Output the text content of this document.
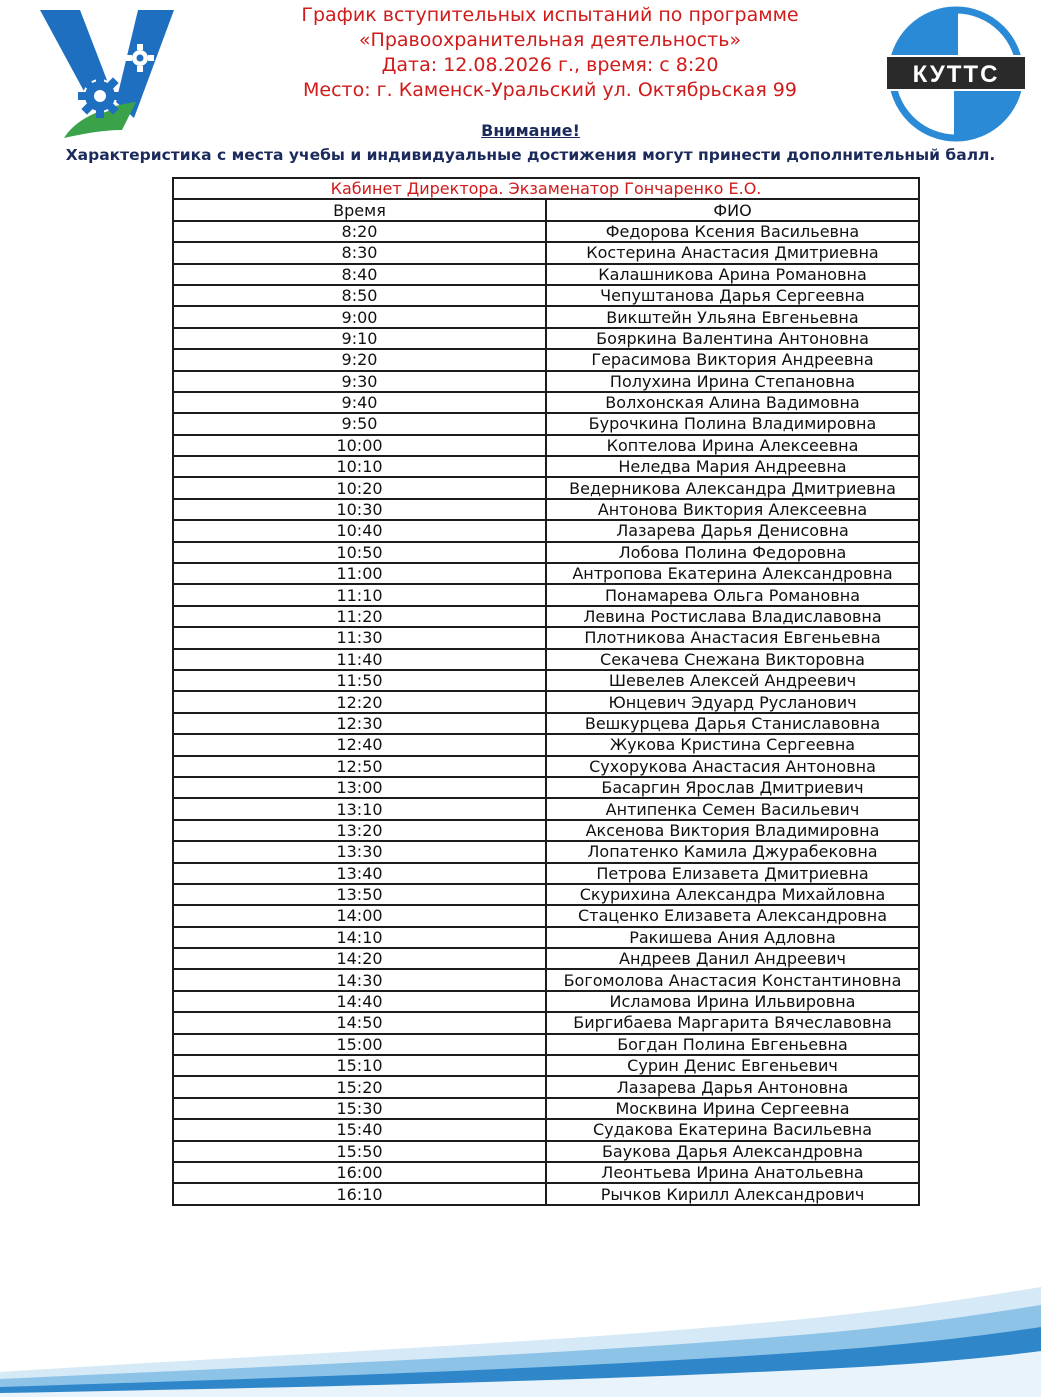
График вступительных испытаний по программе
«Правоохранительная деятельность»
Дата: 12.08.2026 г., время: с 8:20
Место: г. Каменск-Уральский ул. Октябрьская 99
КУТТС
Внимание!
Характеристика с места учебы и индивидуальные достижения могут принести дополнительный балл.
Кабинет Директора. Экзаменатор Гончаренко Е.О.	
Время	ФИО
8:20	Федорова Ксения Васильевна
8:30	Костерина Анастасия Дмитриевна
8:40	Калашникова Арина Романовна
8:50	Чепуштанова Дарья Сергеевна
9:00	Викштейн Ульяна Евгеньевна
9:10	Бояркина Валентина Антоновна
9:20	Герасимова Виктория Андреевна
9:30	Полухина Ирина Степановна
9:40	Волхонская Алина Вадимовна
9:50	Бурочкина Полина Владимировна
10:00	Коптелова Ирина Алексеевна
10:10	Неледва Мария Андреевна
10:20	Ведерникова Александра Дмитриевна
10:30	Антонова Виктория Алексеевна
10:40	Лазарева Дарья Денисовна
10:50	Лобова Полина Федоровна
11:00	Антропова Екатерина Александровна
11:10	Понамарева Ольга Романовна
11:20	Левина Ростислава Владиславовна
11:30	Плотникова Анастасия Евгеньевна
11:40	Секачева Снежана Викторовна
11:50	Шевелев Алексей Андреевич
12:20	Юнцевич Эдуард Русланович
12:30	Вешкурцева Дарья Станиславовна
12:40	Жукова Кристина Сергеевна
12:50	Сухорукова Анастасия Антоновна
13:00	Басаргин Ярослав Дмитриевич
13:10	Антипенка Семен Васильевич
13:20	Аксенова Виктория Владимировна
13:30	Лопатенко Камила Джурабековна
13:40	Петрова Елизавета Дмитриевна
13:50	Скурихина Александра Михайловна
14:00	Стаценко Елизавета Александровна
14:10	Ракишева Ания Адловна
14:20	Андреев Данил Андреевич
14:30	Богомолова Анастасия Константиновна
14:40	Исламова Ирина Ильвировна
14:50	Биргибаева Маргарита Вячеславовна
15:00	Богдан Полина Евгеньевна
15:10	Сурин Денис Евгеньевич
15:20	Лазарева Дарья Антоновна
15:30	Москвина Ирина Сергеевна
15:40	Судакова Екатерина Васильевна
15:50	Баукова Дарья Александровна
16:00	Леонтьева Ирина Анатольевна
16:10	Рычков Кирилл Александрович
